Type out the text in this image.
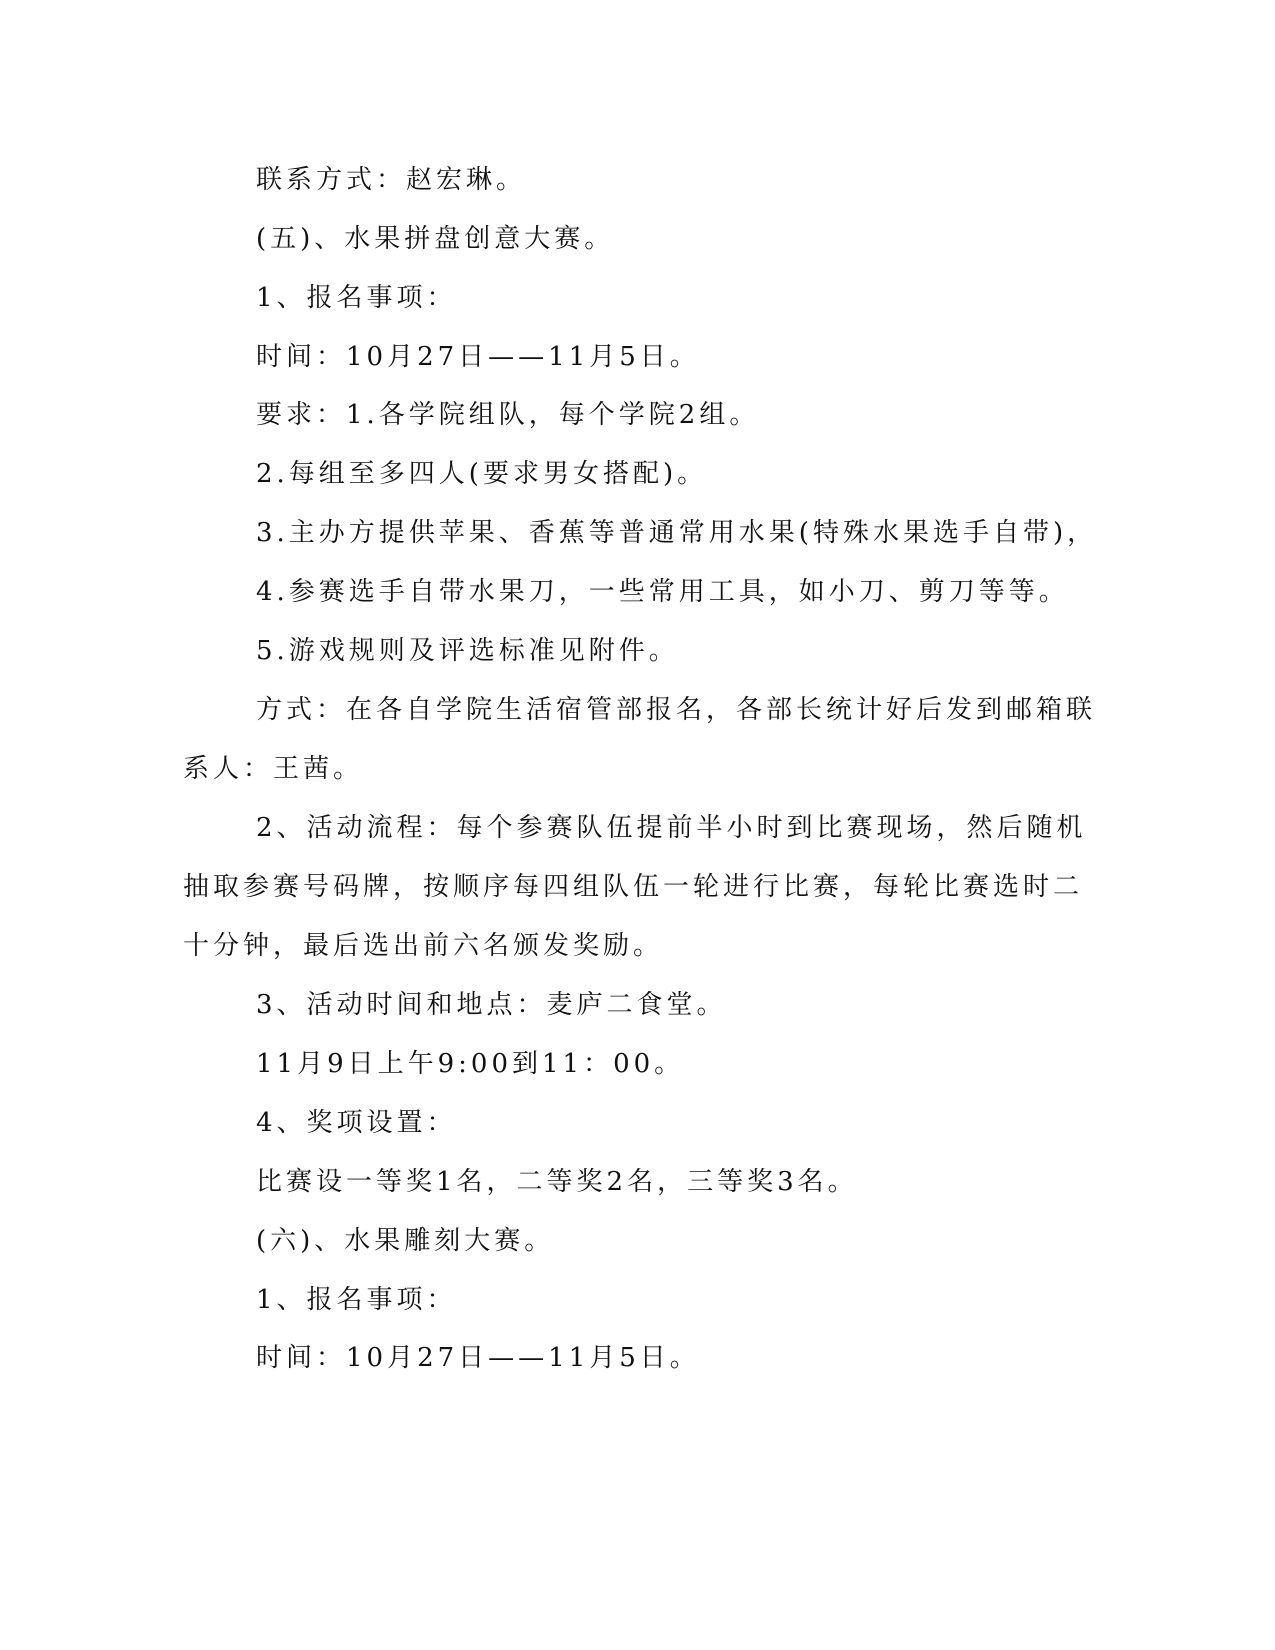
联系方式：赵宏琳。
(五)、水果拼盘创意大赛。
1、报名事项：
时间：10月27日——11月5日。
要求：1.各学院组队，每个学院2组。
2.每组至多四人(要求男女搭配)。
3.主办方提供苹果、香蕉等普通常用水果(特殊水果选手自带)，
4.参赛选手自带水果刀，一些常用工具，如小刀、剪刀等等。
5.游戏规则及评选标准见附件。
方式：在各自学院生活宿管部报名，各部长统计好后发到邮箱联
系人：王茜。
2、活动流程：每个参赛队伍提前半小时到比赛现场，然后随机
抽取参赛号码牌，按顺序每四组队伍一轮进行比赛，每轮比赛选时二
十分钟，最后选出前六名颁发奖励。
3、活动时间和地点：麦庐二食堂。
11月9日上午9:00到11：00。
4、奖项设置：
比赛设一等奖1名，二等奖2名，三等奖3名。
(六)、水果雕刻大赛。
1、报名事项：
时间：10月27日——11月5日。
